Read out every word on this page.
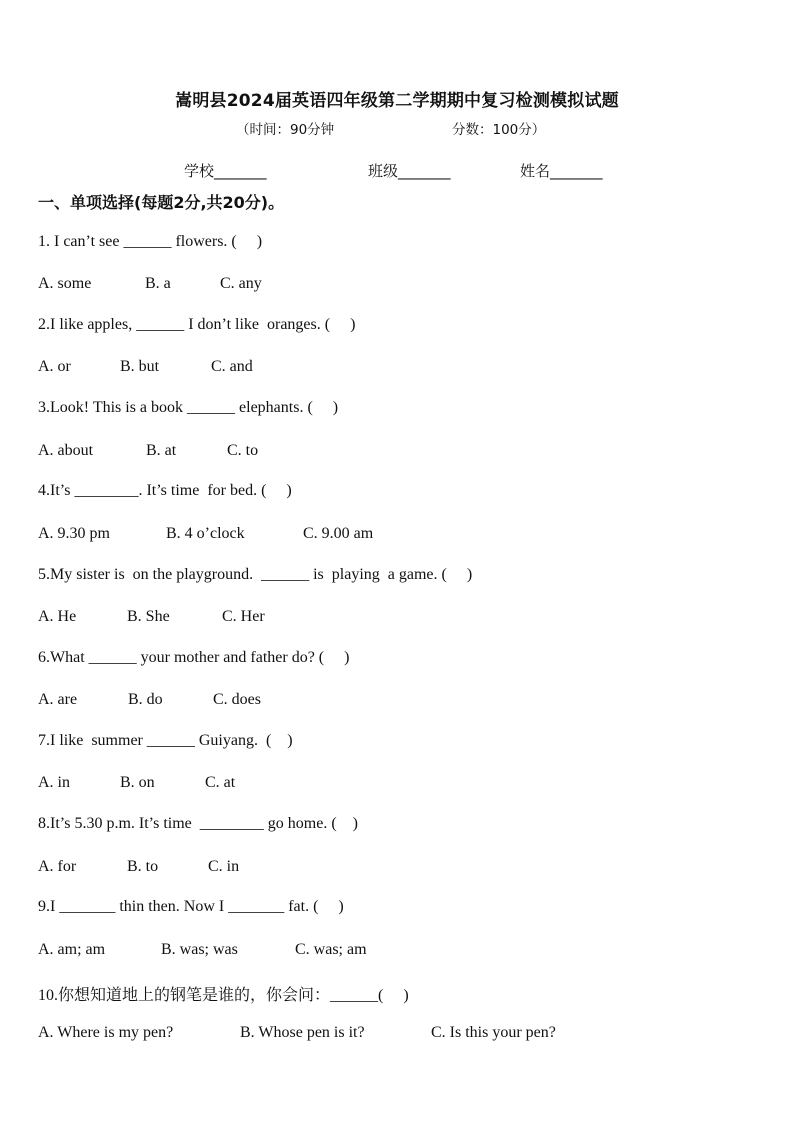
嵩明县2024届英语四年级第二学期期中复习检测模拟试题
（时间：90分钟	分数：100分）
学校_______	班级_______	姓名_______
一、单项选择(每题2分,共20分)。
1. I can’t see ______ flowers. (     )
A. some	B. a	C. any
2.I like apples, ______ I don’t like  oranges. (     )
A. or	B. but	C. and
3.Look! This is a book ______ elephants. (     )
A. about	B. at	C. to
4.It’s ________. It’s time  for bed. (     )
A. 9.30 pm	B. 4 o’clock	C. 9.00 am
5.My sister is  on the playground.  ______ is  playing  a game. (     )
A. He	B. She	C. Her
6.What ______ your mother and father do? (     )
A. are	B. do	C. does
7.I like  summer ______ Guiyang.  (    )
A. in	B. on	C. at
8.It’s 5.30 p.m. It’s time  ________ go home. (    )
A. for	B. to	C. in
9.I _______ thin then. Now I _______ fat. (     )
A. am; am	B. was; was	C. was; am
10.你想知道地上的钢笔是谁的，你会问：______(     )
A. Where is my pen?	B. Whose pen is it?	C. Is this your pen?
